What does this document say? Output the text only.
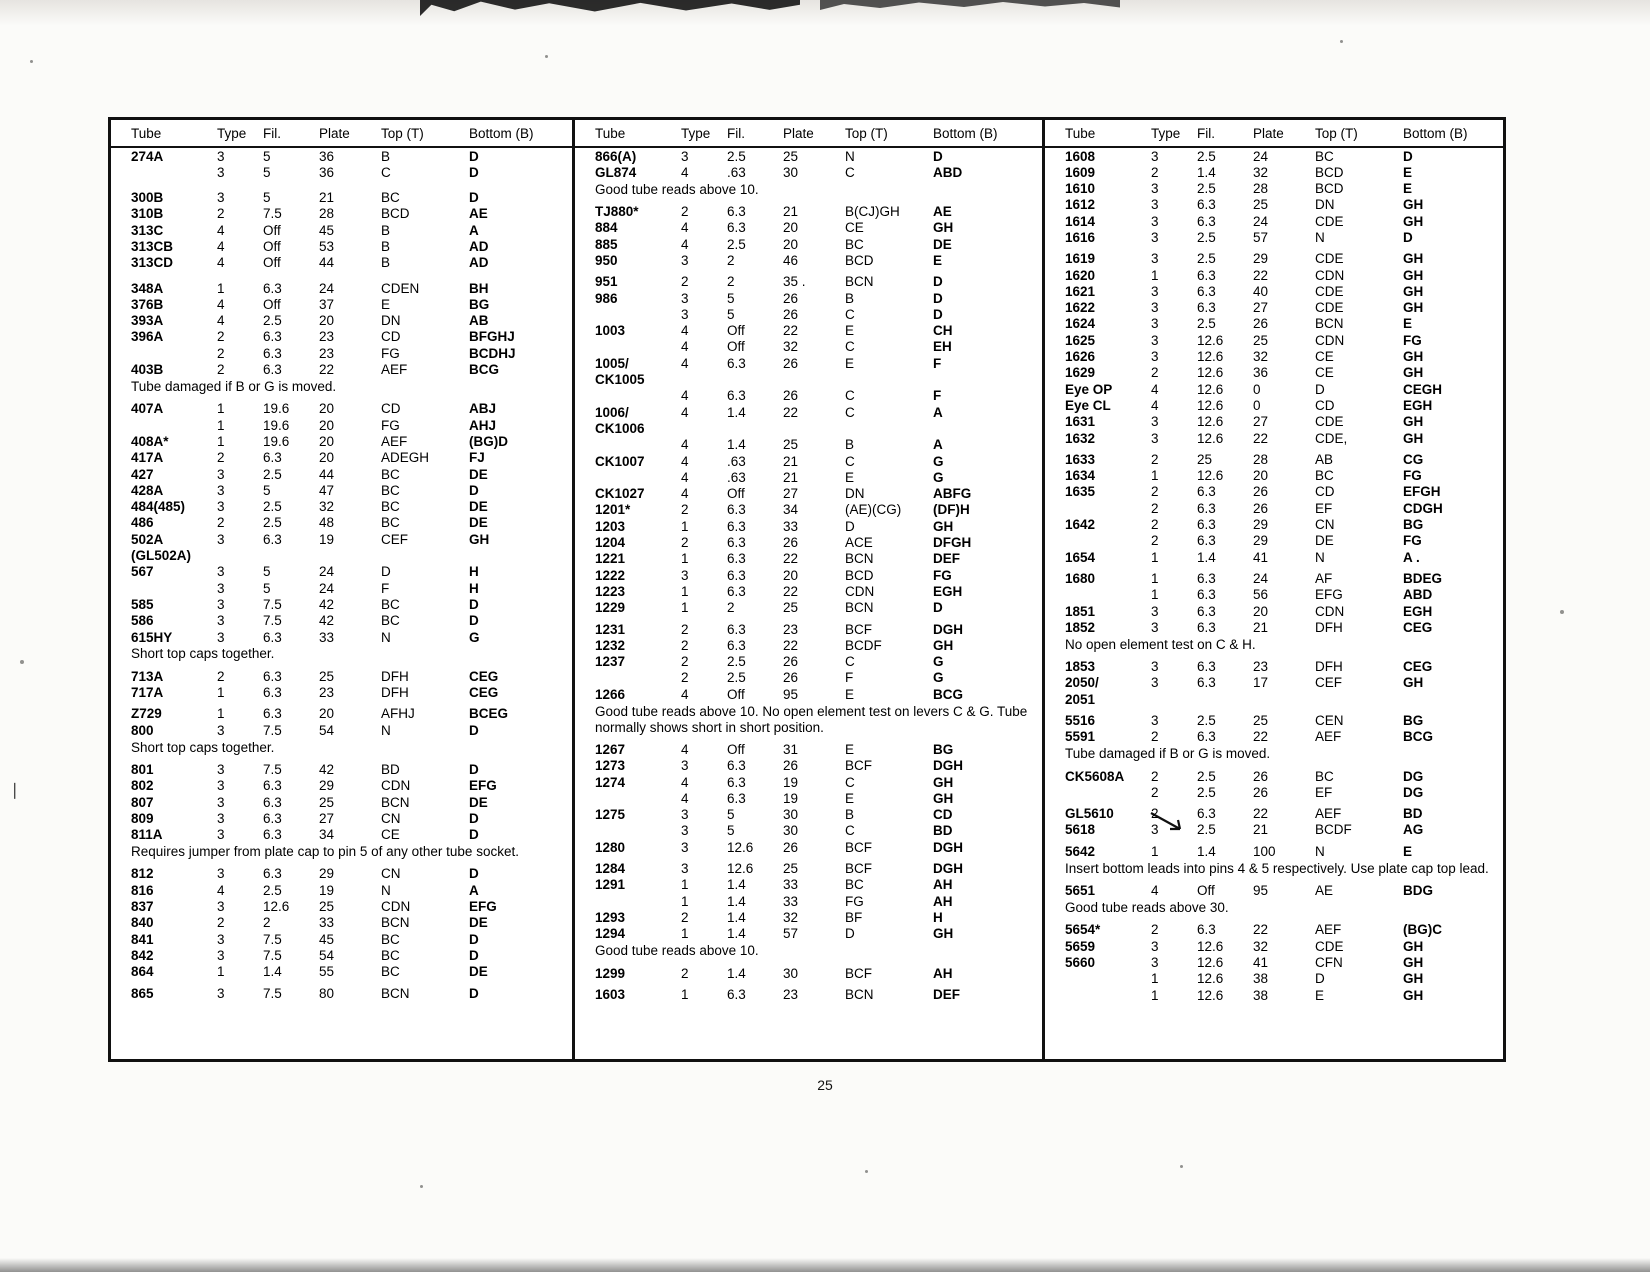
❘
Tube	Type	Fil.	Plate	Top (T)	Bottom (B)
274A	3	5	36	B	D
	3	5	36	C	D

300B	3	5	21	BC	D
310B	2	7.5	28	BCD	AE
313C	4	Off	45	B	A
313CB	4	Off	53	B	AD
313CD	4	Off	44	B	AD

348A	1	6.3	24	CDEN	BH
376B	4	Off	37	E	BG
393A	4	2.5	20	DN	AB
396A	2	6.3	23	CD	BFGHJ
	2	6.3	23	FG	BCDHJ
403B	2	6.3	22	AEF	BCG
Tube damaged if B or G is moved.					

407A	1	19.6	20	CD	ABJ
	1	19.6	20	FG	AHJ
408A*	1	19.6	20	AEF	(BG)D
417A	2	6.3	20	ADEGH	FJ
427	3	2.5	44	BC	DE
428A	3	5	47	BC	D
484(485)	3	2.5	32	BC	DE
486	2	2.5	48	BC	DE
502A	3	6.3	19	CEF	GH
(GL502A)					
567	3	5	24	D	H
	3	5	24	F	H
585	3	7.5	42	BC	D
586	3	7.5	42	BC	D
615HY	3	6.3	33	N	G
Short top caps together.					

713A	2	6.3	25	DFH	CEG
717A	1	6.3	23	DFH	CEG

Z729	1	6.3	20	AFHJ	BCEG
800	3	7.5	54	N	D
Short top caps together.					

801	3	7.5	42	BD	D
802	3	6.3	29	CDN	EFG
807	3	6.3	25	BCN	DE
809	3	6.3	27	CN	D
811A	3	6.3	34	CE	D
Requires jumper from plate cap to pin 5 of any other tube socket.					

812	3	6.3	29	CN	D
816	4	2.5	19	N	A
837	3	12.6	25	CDN	EFG
840	2	2	33	BCN	DE
841	3	7.5	45	BC	D
842	3	7.5	54	BC	D
864	1	1.4	55	BC	DE

865	3	7.5	80	BCN	D
Tube	Type	Fil.	Plate	Top (T)	Bottom (B)
866(A)	3	2.5	25	N	D
GL874	4	.63	30	C	ABD
Good tube reads above 10.					

TJ880*	2	6.3	21	B(CJ)GH	AE
884	4	6.3	20	CE	GH
885	4	2.5	20	BC	DE
950	3	2	46	BCD	E

951	2	2	35 .	BCN	D
986	3	5	26	B	D
	3	5	26	C	D
1003	4	Off	22	E	CH
	4	Off	32	C	EH
1005/	4	6.3	26	E	F
CK1005					
	4	6.3	26	C	F
1006/	4	1.4	22	C	A
CK1006					
	4	1.4	25	B	A
CK1007	4	.63	21	C	G
	4	.63	21	E	G
CK1027	4	Off	27	DN	ABFG
1201*	2	6.3	34	(AE)(CG)	(DF)H
1203	1	6.3	33	D	GH
1204	2	6.3	26	ACE	DFGH
1221	1	6.3	22	BCN	DEF
1222	3	6.3	20	BCD	FG
1223	1	6.3	22	CDN	EGH
1229	1	2	25	BCN	D

1231	2	6.3	23	BCF	DGH
1232	2	6.3	22	BCDF	GH
1237	2	2.5	26	C	G
	2	2.5	26	F	G
1266	4	Off	95	E	BCG
Good tube reads above 10. No open element test on levers C & G. Tube normally shows short in short position.					

1267	4	Off	31	E	BG
1273	3	6.3	26	BCF	DGH
1274	4	6.3	19	C	GH
	4	6.3	19	E	GH
1275	3	5	30	B	CD
	3	5	30	C	BD
1280	3	12.6	26	BCF	DGH

1284	3	12.6	25	BCF	DGH
1291	1	1.4	33	BC	AH
	1	1.4	33	FG	AH
1293	2	1.4	32	BF	H
1294	1	1.4	57	D	GH
Good tube reads above 10.					

1299	2	1.4	30	BCF	AH

1603	1	6.3	23	BCN	DEF
Tube	Type	Fil.	Plate	Top (T)	Bottom (B)
1608	3	2.5	24	BC	D
1609	2	1.4	32	BCD	E
1610	3	2.5	28	BCD	E
1612	3	6.3	25	DN	GH
1614	3	6.3	24	CDE	GH
1616	3	2.5	57	N	D

1619	3	2.5	29	CDE	GH
1620	1	6.3	22	CDN	GH
1621	3	6.3	40	CDE	GH
1622	3	6.3	27	CDE	GH
1624	3	2.5	26	BCN	E
1625	3	12.6	25	CDN	FG
1626	3	12.6	32	CE	GH
1629	2	12.6	36	CE	GH
Eye OP	4	12.6	0	D	CEGH
Eye CL	4	12.6	0	CD	EGH
1631	3	12.6	27	CDE	GH
1632	3	12.6	22	CDE,	GH

1633	2	25	28	AB	CG
1634	1	12.6	20	BC	FG
1635	2	6.3	26	CD	EFGH
	2	6.3	26	EF	CDGH
1642	2	6.3	29	CN	BG
	2	6.3	29	DE	FG
1654	1	1.4	41	N	A .

1680	1	6.3	24	AF	BDEG
	1	6.3	56	EFG	ABD
1851	3	6.3	20	CDN	EGH
1852	3	6.3	21	DFH	CEG
No open element test on C & H.					

1853	3	6.3	23	DFH	CEG
2050/	3	6.3	17	CEF	GH
2051					

5516	3	2.5	25	CEN	BG
5591	2	6.3	22	AEF	BCG
Tube damaged if B or G is moved.					

CK5608A	2	2.5	26	BC	DG
	2	2.5	26	EF	DG

GL5610	2	6.3	22	AEF	BD
5618	3	2.5	21	BCDF	AG

5642	1	1.4	100	N	E
Insert bottom leads into pins 4 & 5 respectively. Use plate cap top lead.					

5651	4	Off	95	AE	BDG
Good tube reads above 30.					

5654*	2	6.3	22	AEF	(BG)C
5659	3	12.6	32	CDE	GH
5660	3	12.6	41	CFN	GH
	1	12.6	38	D	GH
	1	12.6	38	E	GH
25
